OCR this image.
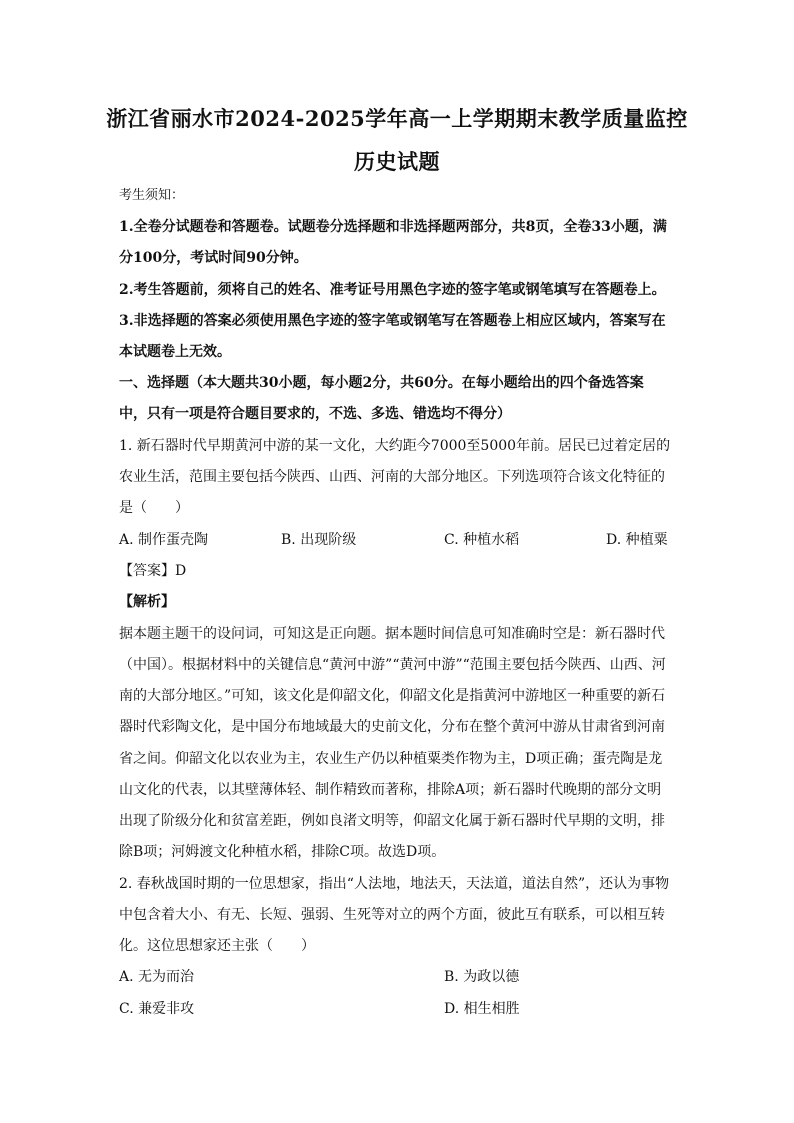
浙江省丽水市2024-2025学年高一上学期期末教学质量监控
历史试题
考生须知：
1.全卷分试题卷和答题卷。试题卷分选择题和非选择题两部分，共8页，全卷33小题，满
分100分，考试时间90分钟。
2.考生答题前，须将自己的姓名、准考证号用黑色字迹的签字笔或钢笔填写在答题卷上。
3.非选择题的答案必须使用黑色字迹的签字笔或钢笔写在答题卷上相应区域内，答案写在
本试题卷上无效。
一、选择题（本大题共30小题，每小题2分，共60分。在每小题给出的四个备选答案
中，只有一项是符合题目要求的，不选、多选、错选均不得分）
1. 新石器时代早期黄河中游的某一文化，大约距今7000至5000年前。居民已过着定居的
农业生活，范围主要包括今陕西、山西、河南的大部分地区。下列选项符合该文化特征的
是（　　）
A. 制作蛋壳陶	B. 出现阶级	C. 种植水稻	D. 种植粟
【答案】D
【解析】
据本题主题干的设问词，可知这是正向题。据本题时间信息可知准确时空是：新石器时代
（中国）。根据材料中的关键信息“黄河中游”“黄河中游”“范围主要包括今陕西、山西、河
南的大部分地区。”可知，该文化是仰韶文化，仰韶文化是指黄河中游地区一种重要的新石
器时代彩陶文化，是中国分布地域最大的史前文化，分布在整个黄河中游从甘肃省到河南
省之间。仰韶文化以农业为主，农业生产仍以种植粟类作物为主，D项正确；蛋壳陶是龙
山文化的代表，以其壁薄体轻、制作精致而著称，排除A项；新石器时代晚期的部分文明
出现了阶级分化和贫富差距，例如良渚文明等，仰韶文化属于新石器时代早期的文明，排
除B项；河姆渡文化种植水稻，排除C项。故选D项。
2. 春秋战国时期的一位思想家，指出“人法地，地法天，天法道，道法自然”，还认为事物
中包含着大小、有无、长短、强弱、生死等对立的两个方面，彼此互有联系，可以相互转
化。这位思想家还主张（　　）
A. 无为而治	B. 为政以德
C. 兼爱非攻	D. 相生相胜
